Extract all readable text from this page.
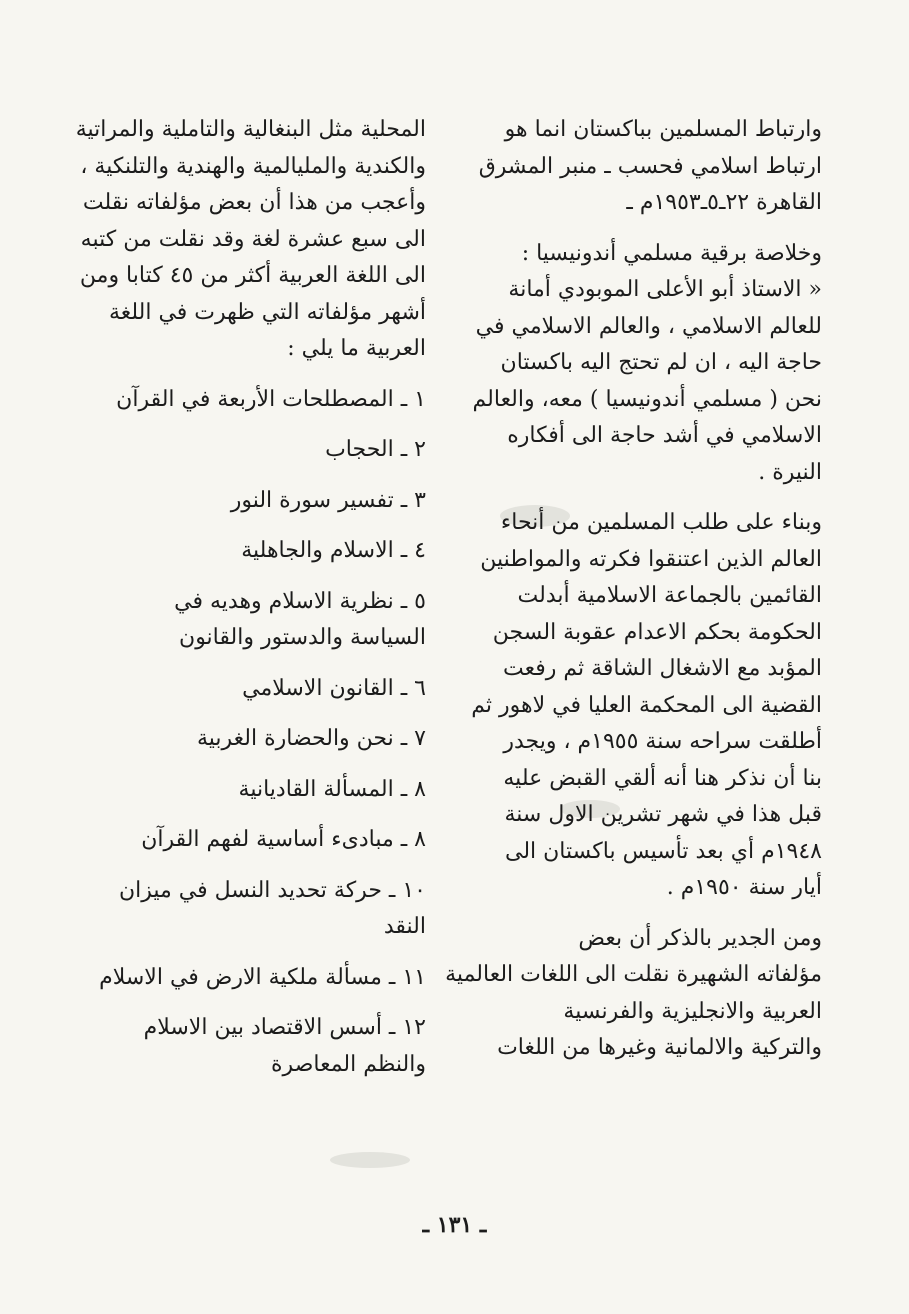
وارتباط المسلمين بباكستان انما هو
ارتباط اسلامي فحسب ـ منبر المشرق
القاهرة ٢٢ـ٥ـ١٩٥٣م ـ
وخلاصة برقية مسلمي أندونيسيا :
« الاستاذ أبو الأعلى الموبودي أمانة
للعالم الاسلامي ، والعالم الاسلامي في
حاجة اليه ، ان لم تحتج اليه باكستان
نحن ( مسلمي أندونيسيا ) معه، والعالم
الاسلامي في أشد حاجة الى أفكاره
النيرة .
وبناء على طلب المسلمين من أنحاء
العالم الذين اعتنقوا فكرته والمواطنين
القائمين بالجماعة الاسلامية أبدلت
الحكومة بحكم الاعدام عقوبة السجن
المؤبد مع الاشغال الشاقة ثم رفعت
القضية الى المحكمة العليا في لاهور ثم
أطلقت سراحه سنة ١٩٥٥م ، ويجدر
بنا أن نذكر هنا أنه ألقي القبض عليه
قبل هذا في شهر تشرين الاول سنة
١٩٤٨م أي بعد تأسيس باكستان الى
أيار سنة ١٩٥٠م .
ومن الجدير بالذكر أن بعض
مؤلفاته الشهيرة نقلت الى اللغات العالمية
العربية والانجليزية والفرنسية
والتركية والالمانية وغيرها من اللغات
المحلية مثل البنغالية والتاملية والمراتية
والكندية والمليالمية والهندية والتلنكية ،
وأعجب من هذا أن بعض مؤلفاته نقلت
الى سبع عشرة لغة وقد نقلت من كتبه
الى اللغة العربية أكثر من ٤٥ كتابا ومن
أشهر مؤلفاته التي ظهرت في اللغة
العربية ما يلي :
١ ـ المصطلحات الأربعة في القرآن
٢ ـ الحجاب
٣ ـ تفسير سورة النور
٤ ـ الاسلام والجاهلية
٥ ـ نظرية الاسلام وهديه في
السياسة والدستور والقانون
٦ ـ القانون الاسلامي
٧ ـ نحن والحضارة الغربية
٨ ـ المسألة القاديانية
٨ ـ مبادىء أساسية لفهم القرآن
١٠ ـ حركة تحديد النسل في ميزان
النقد
١١ ـ مسألة ملكية الارض في الاسلام
١٢ ـ أسس الاقتصاد بين الاسلام
والنظم المعاصرة
ـ ١٣١ ـ
